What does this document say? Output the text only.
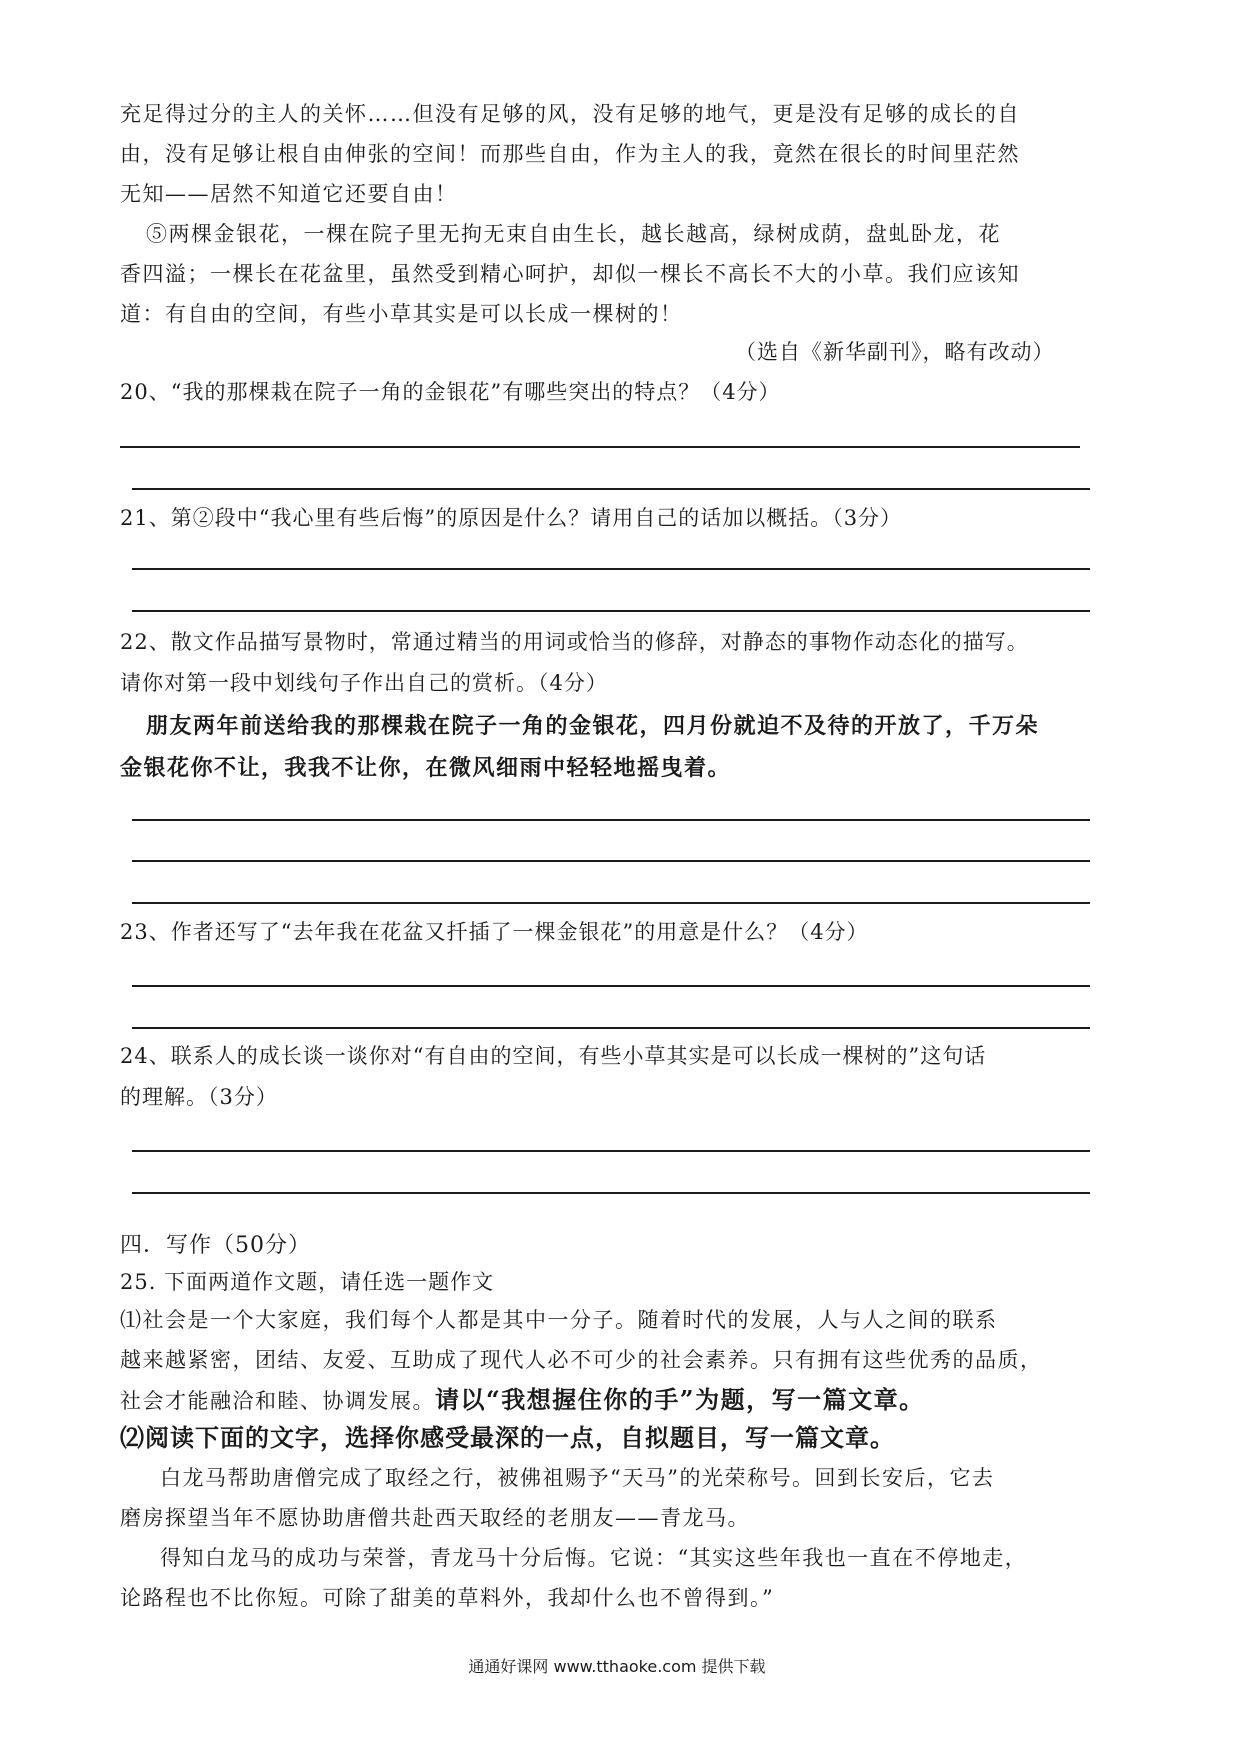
充足得过分的主人的关怀……但没有足够的风，没有足够的地气，更是没有足够的成长的自

由，没有足够让根自由伸张的空间！而那些自由，作为主人的我，竟然在很长的时间里茫然

无知——居然不知道它还要自由！

⑤两棵金银花，一棵在院子里无拘无束自由生长，越长越高，绿树成荫，盘虬卧龙，花

香四溢；一棵长在花盆里，虽然受到精心呵护，却似一棵长不高长不大的小草。我们应该知

道：有自由的空间，有些小草其实是可以长成一棵树的！

（选自《新华副刊》，略有改动）

20、“我的那棵栽在院子一角的金银花”有哪些突出的特点？（4分）

21、第②段中“我心里有些后悔”的原因是什么？请用自己的话加以概括。（3分）

22、散文作品描写景物时，常通过精当的用词或恰当的修辞，对静态的事物作动态化的描写。

请你对第一段中划线句子作出自己的赏析。（4分）

朋友两年前送给我的那棵栽在院子一角的金银花，四月份就迫不及待的开放了，千万朵

金银花你不让，我我不让你，在微风细雨中轻轻地摇曳着。

23、作者还写了“去年我在花盆又扦插了一棵金银花”的用意是什么？（4分）

24、联系人的成长谈一谈你对“有自由的空间，有些小草其实是可以长成一棵树的”这句话

的理解。（3分）

四．写作（50分）

25. 下面两道作文题，请任选一题作文

⑴社会是一个大家庭，我们每个人都是其中一分子。随着时代的发展，人与人之间的联系

越来越紧密，团结、友爱、互助成了现代人必不可少的社会素养。只有拥有这些优秀的品质，

社会才能融洽和睦、协调发展。请以“我想握住你的手”为题，写一篇文章。

⑵阅读下面的文字，选择你感受最深的一点，自拟题目，写一篇文章。

白龙马帮助唐僧完成了取经之行，被佛祖赐予“天马”的光荣称号。回到长安后，它去

磨房探望当年不愿协助唐僧共赴西天取经的老朋友——青龙马。

得知白龙马的成功与荣誉，青龙马十分后悔。它说：“其实这些年我也一直在不停地走，

论路程也不比你短。可除了甜美的草料外，我却什么也不曾得到。”

通通好课网 www.tthaoke.com 提供下载
